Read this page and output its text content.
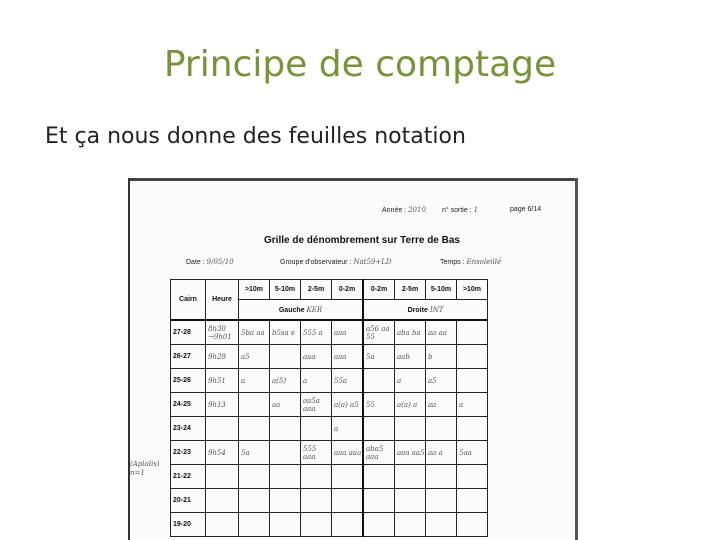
Principe de comptage
Et ça nous donne des feuilles notation
Année : 2010 n° sortie : 1	page 6/14
Grille de dénombrement sur Terre de Bas
Date : 9/05/10	Groupe d'observateur : Nat59+LD	Temps : Ensoleillé
(Aplolis)
n=1
Cairn	Heure	>10m	5-10m	2-5m	0-2m	0-2m	2-5m	5-10m	>10m
		Gauche KER				Droite INT			
27-28	8h30 →9h01	5ba aa	b5sa s	555 a	aaa	a56 aa 55	aba ba	aa aa	
26-27	9h28	a5		aaa	aaa	5a	aab	b	
25-26	9h51	a	a(5)	a	55a		a	a5	
24-25	9h13		aa	aa5a aaa	a(a) a5	55	a(a) a	aa	a
23-24					a				
22-23	9h54	5a		555 aaa	aaa aaa	aba5 aaa	aaa aa5	aa a	5aa
21-22									
20-21									
19-20									
